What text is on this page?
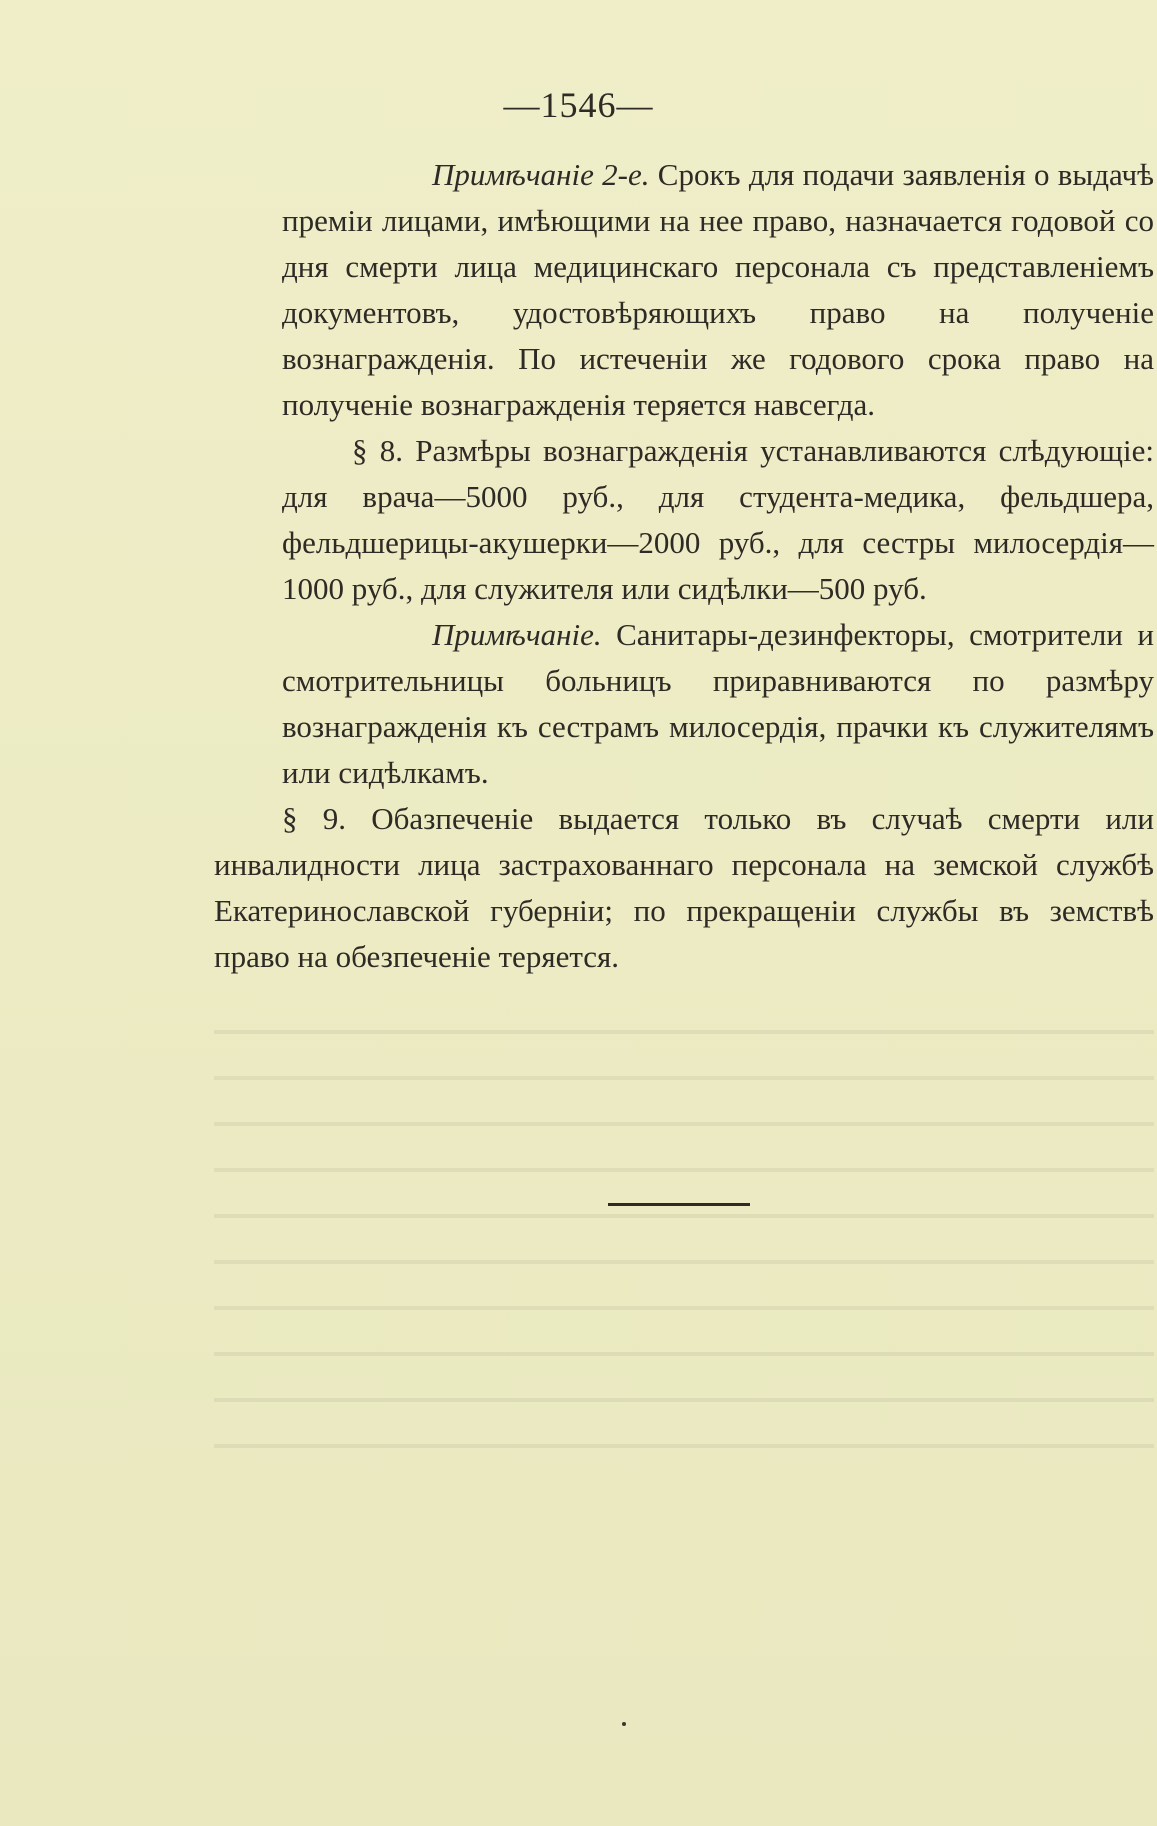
—1546—

Примѣчаніе 2-е. Срокъ для подачи заявленія о выдачѣ преміи лицами, имѣющими на нее право, назначается годовой со дня смерти лица медицинскаго персонала съ представленіемъ документовъ, удостовѣряющихъ право на полученіе вознагражденія. По истеченіи же годового срока право на полученіе вознагражденія теряется навсегда.

§ 8. Размѣры вознагражденія устанавливаются слѣдующіе: для врача—5000 руб., для студента-медика, фельдшера, фельдшерицы-акушерки—2000 руб., для сестры милосердія—1000 руб., для служителя или сидѣлки—500 руб.

Примѣчаніе. Санитары-дезинфекторы, смотрители и смотрительницы больницъ приравниваются по размѣру вознагражденія къ сестрамъ милосердія, прачки къ служителямъ или сидѣлкамъ.

§ 9. Обазпеченіе выдается только въ случаѣ смерти или инвалидности лица застрахованнаго персонала на земской службѣ Екатеринославской губерніи; по прекращеніи службы въ земствѣ право на обезпеченіе теряется.
